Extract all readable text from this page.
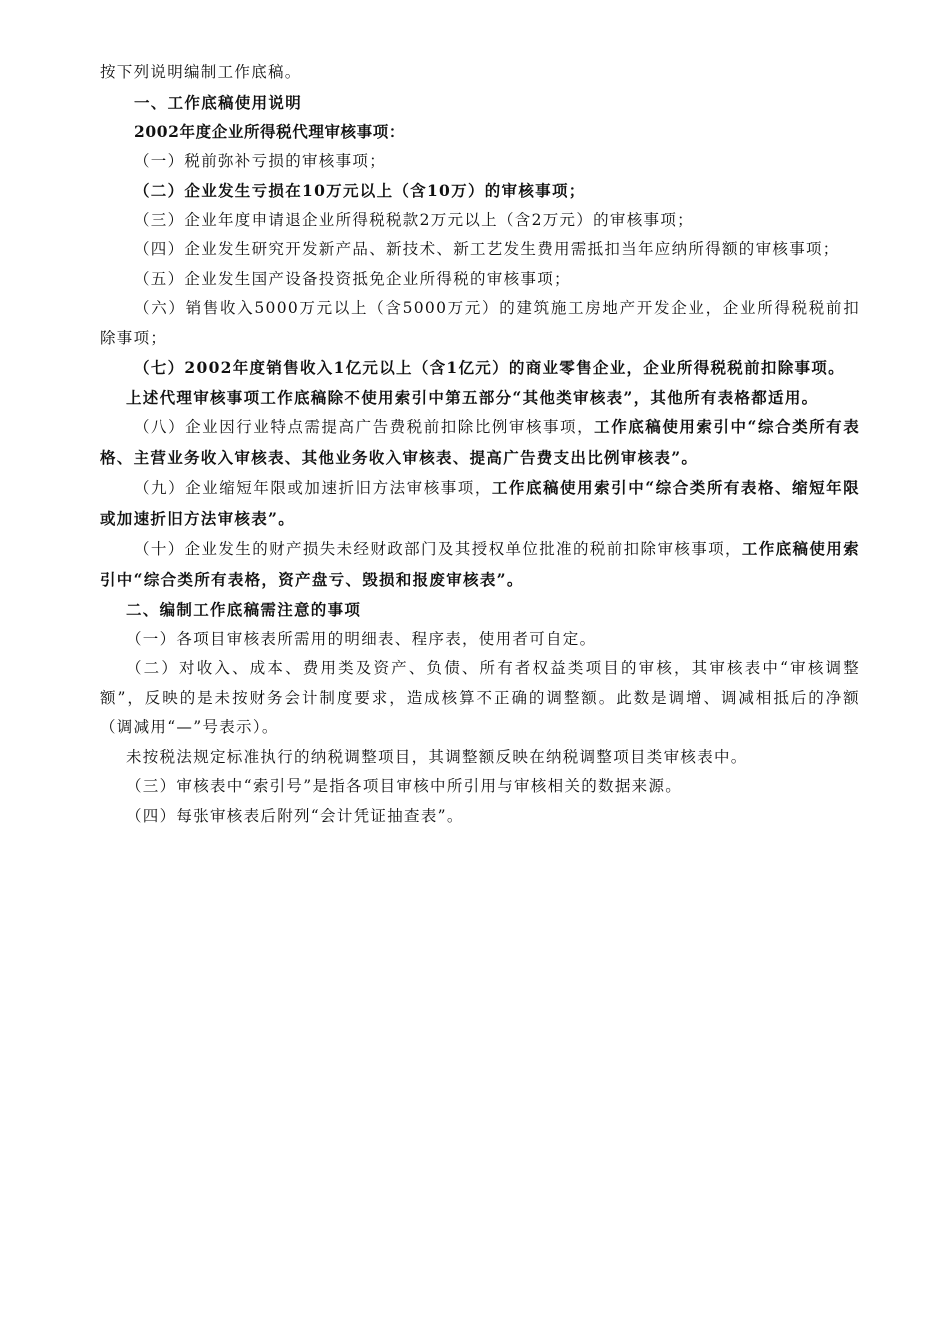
按下列说明编制工作底稿。

一、工作底稿使用说明

2002年度企业所得税代理审核事项：

（一）税前弥补亏损的审核事项；

（二）企业发生亏损在10万元以上（含10万）的审核事项；

（三）企业年度申请退企业所得税税款2万元以上（含2万元）的审核事项；

（四）企业发生研究开发新产品、新技术、新工艺发生费用需抵扣当年应纳所得额的审核事项；

（五）企业发生国产设备投资抵免企业所得税的审核事项；

（六）销售收入5000万元以上（含5000万元）的建筑施工房地产开发企业，企业所得税税前扣除事项；

（七）2002年度销售收入1亿元以上（含1亿元）的商业零售企业，企业所得税税前扣除事项。

上述代理审核事项工作底稿除不使用索引中第五部分“其他类审核表”，其他所有表格都适用。

（八）企业因行业特点需提高广告费税前扣除比例审核事项，工作底稿使用索引中“综合类所有表格、主营业务收入审核表、其他业务收入审核表、提高广告费支出比例审核表”。

（九）企业缩短年限或加速折旧方法审核事项，工作底稿使用索引中“综合类所有表格、缩短年限或加速折旧方法审核表”。

（十）企业发生的财产损失未经财政部门及其授权单位批准的税前扣除审核事项，工作底稿使用索引中“综合类所有表格，资产盘亏、毁损和报废审核表”。

二、编制工作底稿需注意的事项

（一）各项目审核表所需用的明细表、程序表，使用者可自定。

（二）对收入、成本、费用类及资产、负债、所有者权益类项目的审核，其审核表中“审核调整额”，反映的是未按财务会计制度要求，造成核算不正确的调整额。此数是调增、调减相抵后的净额（调减用“—”号表示）。

未按税法规定标准执行的纳税调整项目，其调整额反映在纳税调整项目类审核表中。

（三）审核表中“索引号”是指各项目审核中所引用与审核相关的数据来源。

（四）每张审核表后附列“会计凭证抽查表”。
